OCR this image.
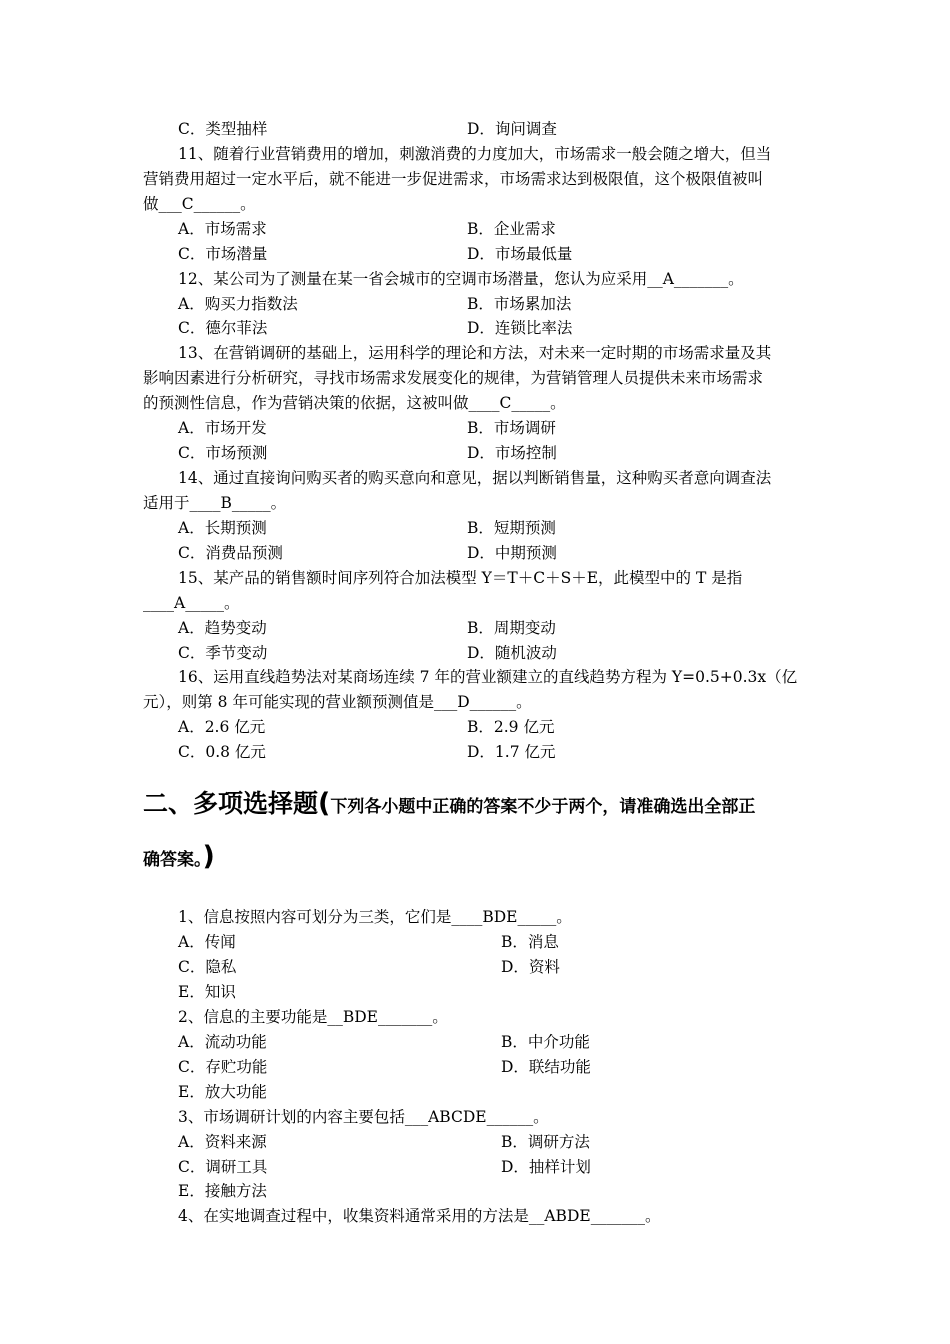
C．类型抽样	D．询问调查
11、随着行业营销费用的增加，刺激消费的力度加大，市场需求一般会随之增大，但当
营销费用超过一定水平后，就不能进一步促进需求，市场需求达到极限值，这个极限值被叫
做___C______。
A．市场需求	B．企业需求
C．市场潜量	D．市场最低量
12、某公司为了测量在某一省会城市的空调市场潜量，您认为应采用__A_______。
A．购买力指数法	B．市场累加法
C．德尔菲法	D．连锁比率法
13、在营销调研的基础上，运用科学的理论和方法，对未来一定时期的市场需求量及其
影响因素进行分析研究，寻找市场需求发展变化的规律，为营销管理人员提供未来市场需求
的预测性信息，作为营销决策的依据，这被叫做____C_____。
A．市场开发	B．市场调研
C．市场预测	D．市场控制
14、通过直接询问购买者的购买意向和意见，据以判断销售量，这种购买者意向调查法
适用于____B_____。
A．长期预测	B．短期预测
C．消费品预测	D．中期预测
15、某产品的销售额时间序列符合加法模型 Y＝T＋C＋S＋E，此模型中的 T 是指
____A_____。
A．趋势变动	B．周期变动
C．季节变动	D．随机波动
16、运用直线趋势法对某商场连续 7 年的营业额建立的直线趋势方程为 Y=0.5+0.3x（亿
元），则第 8 年可能实现的营业额预测值是___D______。
A．2.6 亿元	B．2.9 亿元
C．0.8 亿元	D．1.7 亿元
二、多项选择题(下列各小题中正确的答案不少于两个，请准确选出全部正
确答案。)
1、信息按照内容可划分为三类，它们是____BDE_____。
A．传闻	B．消息
C．隐私	D．资料
E．知识
2、信息的主要功能是__BDE_______。
A．流动功能	B．中介功能
C．存贮功能	D．联结功能
E．放大功能
3、市场调研计划的内容主要包括___ABCDE______。
A．资料来源	B．调研方法
C．调研工具	D．抽样计划
E．接触方法
4、在实地调查过程中，收集资料通常采用的方法是__ABDE_______。
